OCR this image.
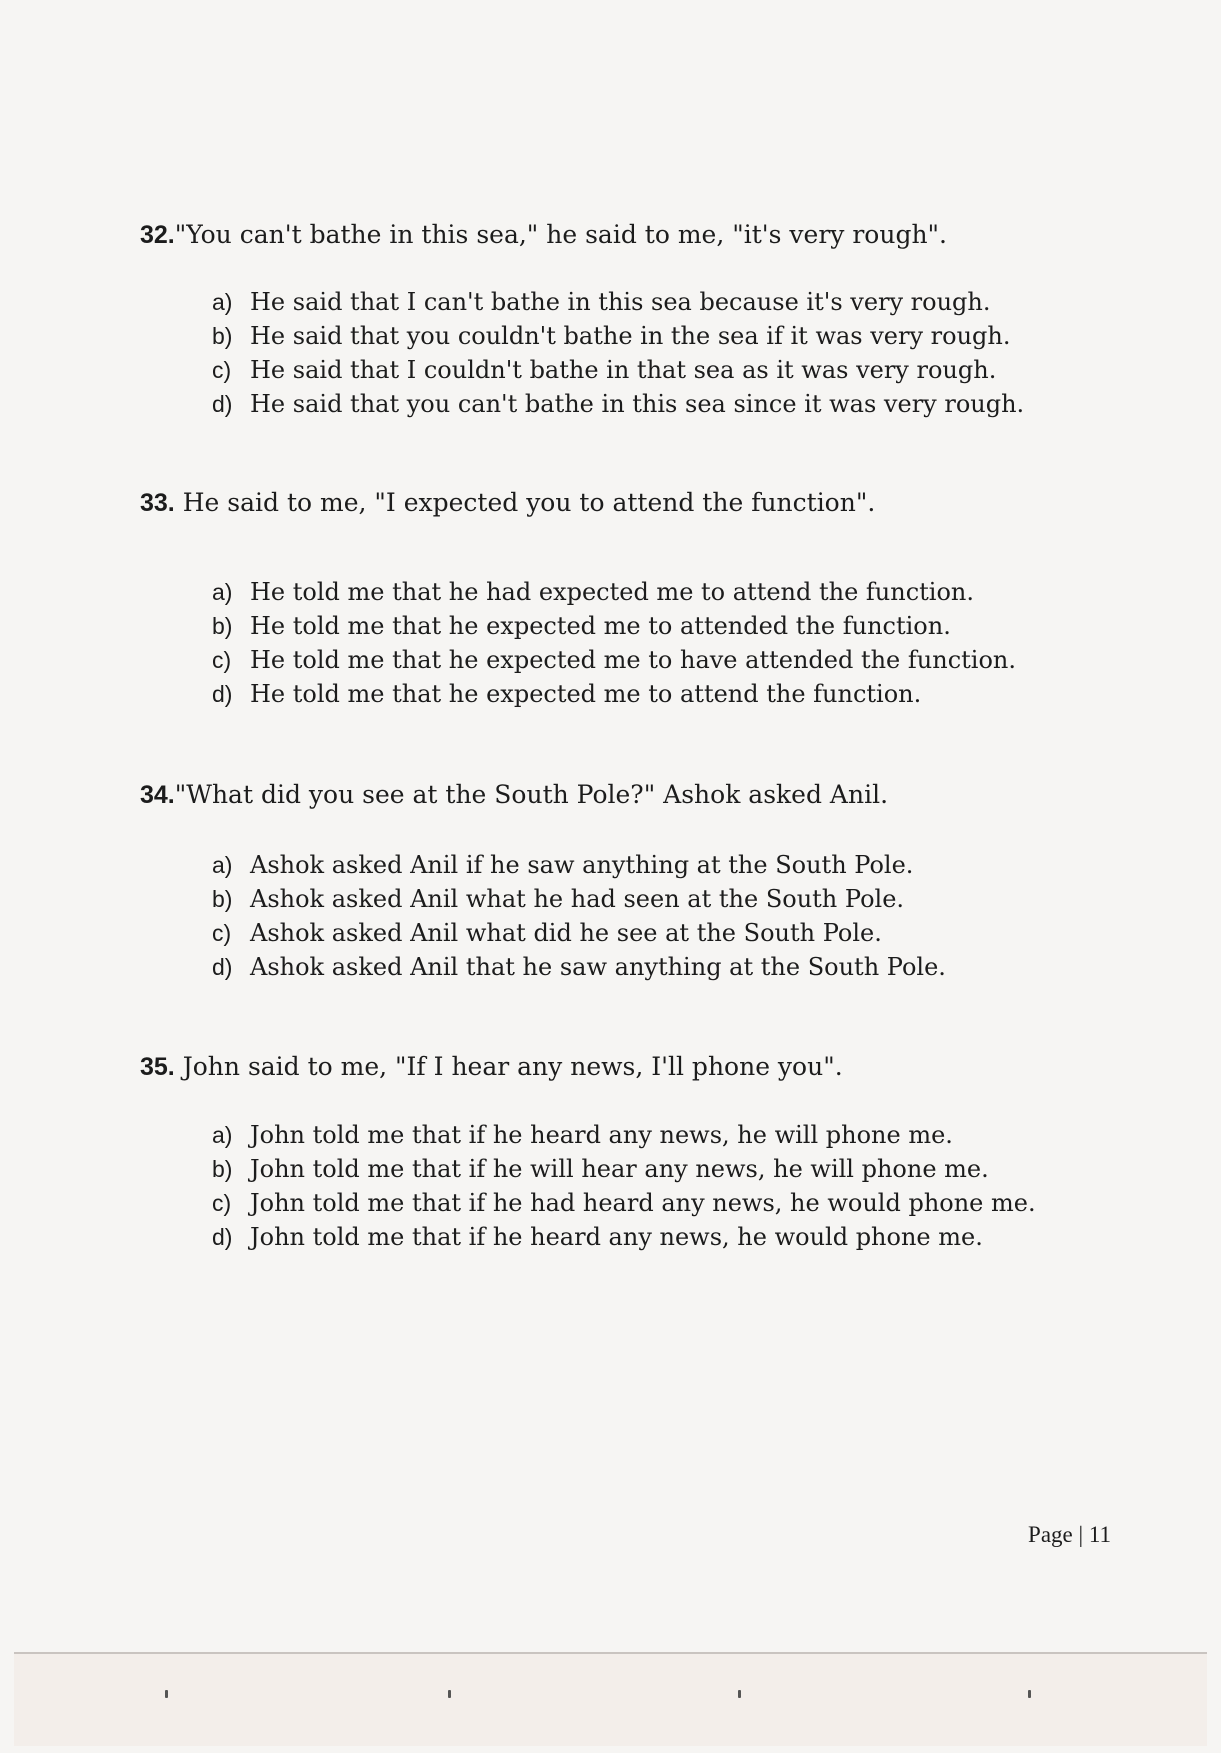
32."You can't bathe in this sea," he said to me, "it's very rough".
a) He said that I can't bathe in this sea because it's very rough.
b) He said that you couldn't bathe in the sea if it was very rough.
c) He said that I couldn't bathe in that sea as it was very rough.
d) He said that you can't bathe in this sea since it was very rough.
33. He said to me, "I expected you to attend the function".
a) He told me that he had expected me to attend the function.
b) He told me that he expected me to attended the function.
c) He told me that he expected me to have attended the function.
d) He told me that he expected me to attend the function.
34."What did you see at the South Pole?" Ashok asked Anil.
a) Ashok asked Anil if he saw anything at the South Pole.
b) Ashok asked Anil what he had seen at the South Pole.
c) Ashok asked Anil what did he see at the South Pole.
d) Ashok asked Anil that he saw anything at the South Pole.
35. John said to me, "If I hear any news, I'll phone you".
a) John told me that if he heard any news, he will phone me.
b) John told me that if he will hear any news, he will phone me.
c) John told me that if he had heard any news, he would phone me.
d) John told me that if he heard any news, he would phone me.
Page | 11
